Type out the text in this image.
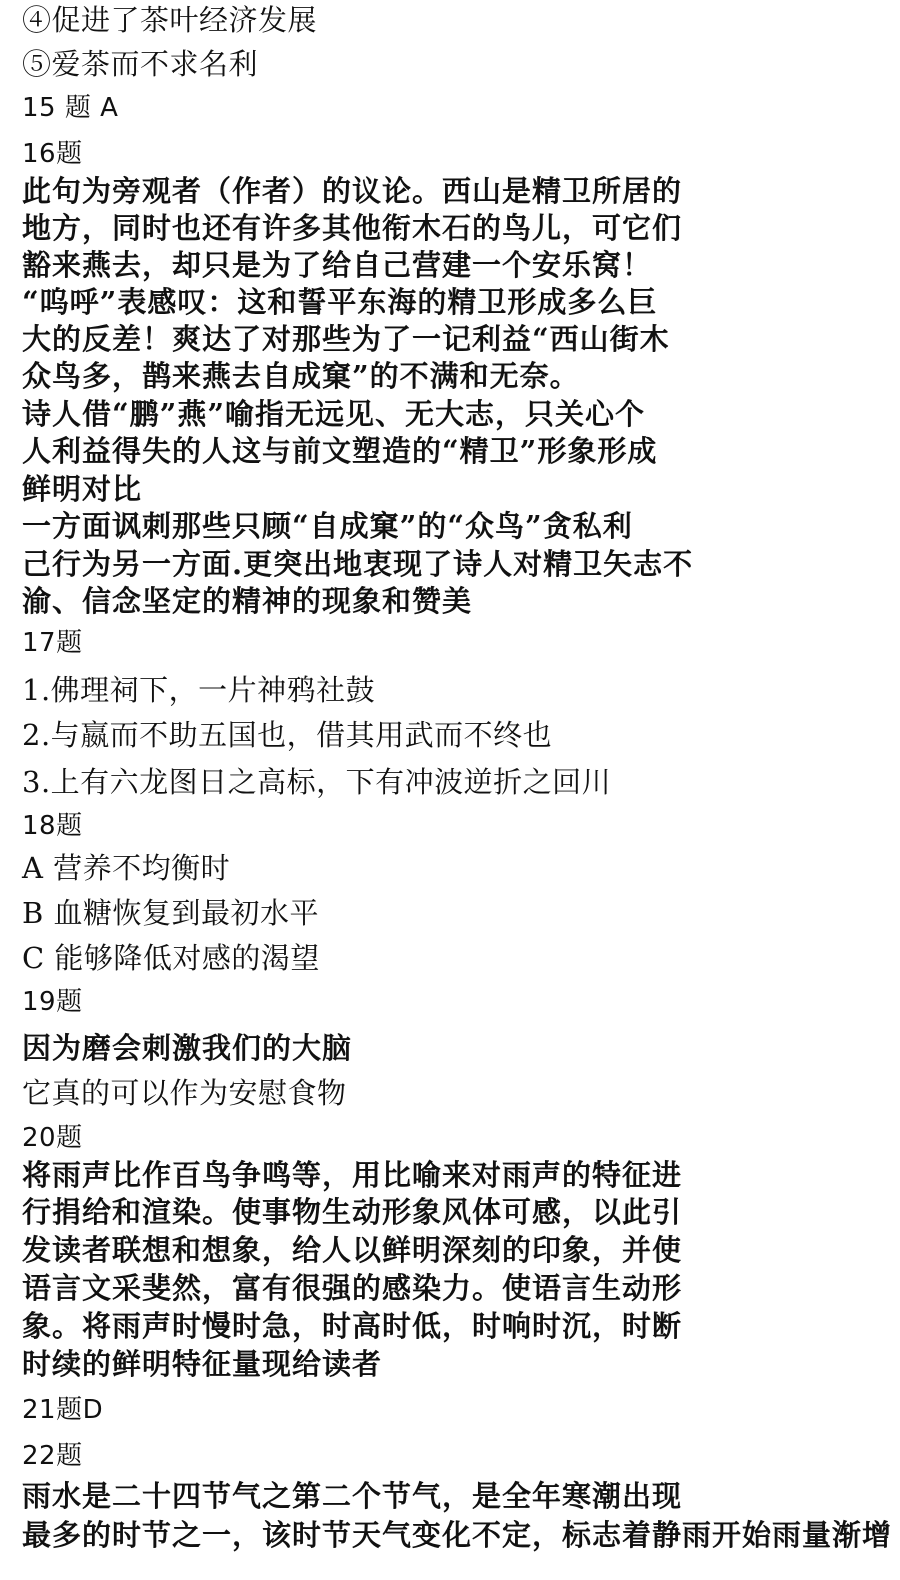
④促进了茶叶经济发展

⑤爱茶而不求名利

15 题 A

16题

此句为旁观者（作者）的议论。西山是精卫所居的

地方，同时也还有许多其他衔木石的鸟儿，可它们

豁来燕去，却只是为了给自己营建一个安乐窝！

“呜呼”表感叹：这和誓平东海的精卫形成多么巨

大的反差！爽达了对那些为了一记利益“西山街木

众鸟多，鹊来燕去自成窠”的不满和无奈。

诗人借“鹏”燕”喻指无远见、无大志，只关心个

人利益得失的人这与前文塑造的“精卫”形象形成

鲜明对比

一方面讽刺那些只顾“自成窠”的“众鸟”贪私利

己行为另一方面.更突出地衷现了诗人对精卫矢志不

渝、信念坚定的精神的现象和赞美

17题

1.佛理祠下，一片神鸦社鼓

2.与嬴而不助五国也，借其用武而不终也

3.上有六龙图日之高标，下有冲波逆折之回川

18题

A 营养不均衡时

B 血糖恢复到最初水平

C 能够降低对感的渴望

19题

因为磨会刺激我们的大脑

它真的可以作为安慰食物

20题

将雨声比作百鸟争鸣等，用比喻来对雨声的特征进

行捐给和渲染。使事物生动形象风体可感，以此引

发读者联想和想象，给人以鲜明深刻的印象，并使

语言文采斐然，富有很强的感染力。使语言生动形

象。将雨声时慢时急，时高时低，时响时沉，时断

时续的鲜明特征量现给读者

21题D

22题

雨水是二十四节气之第二个节气，是全年寒潮出现

最多的时节之一，该时节天气变化不定，标志着静雨开始雨量渐增
